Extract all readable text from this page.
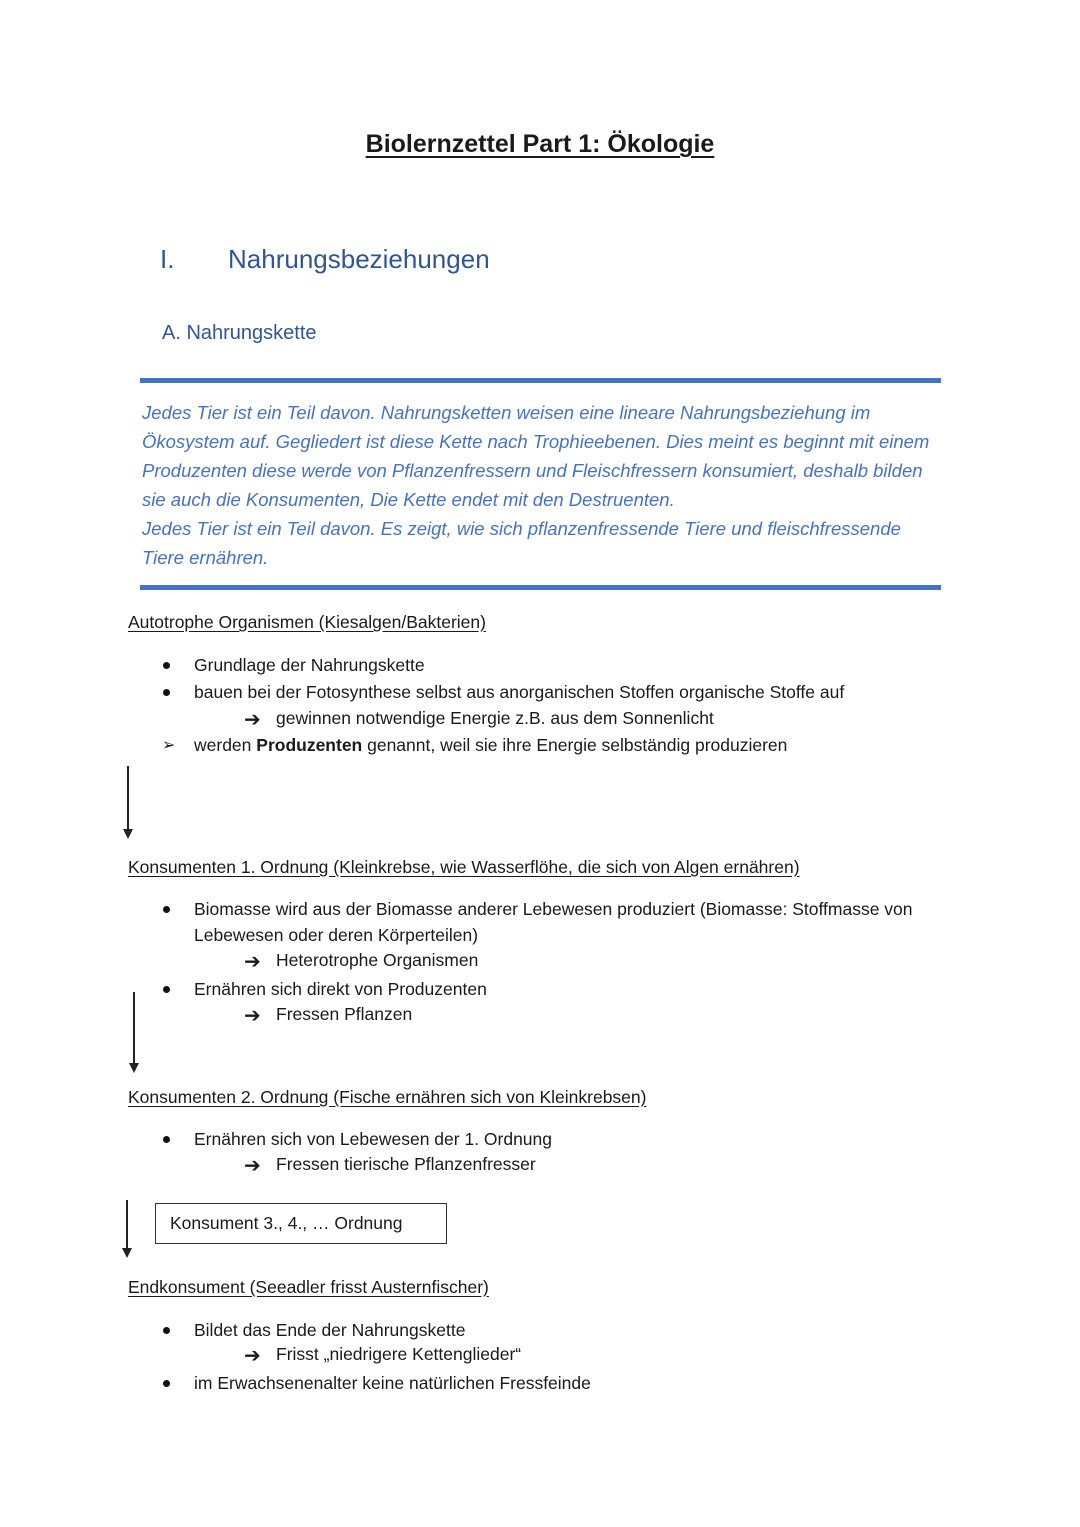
Biolernzettel Part 1: Ökologie
I. Nahrungsbeziehungen
A. Nahrungskette

Jedes Tier ist ein Teil davon. Nahrungsketten weisen eine lineare Nahrungsbeziehung im Ökosystem auf. Gegliedert ist diese Kette nach Trophieebenen. Dies meint es beginnt mit einem Produzenten diese werde von Pflanzenfressern und Fleischfressern konsumiert, deshalb bilden sie auch die Konsumenten, Die Kette endet mit den Destruenten.

Jedes Tier ist ein Teil davon. Es zeigt, wie sich pflanzenfressende Tiere und fleischfressende Tiere ernähren.

Autotrophe Organismen (Kiesalgen/Bakterien)
Grundlage der Nahrungskette
bauen bei der Fotosynthese selbst aus anorganischen Stoffen organische Stoffe auf
➔ gewinnen notwendige Energie z.B. aus dem Sonnenlicht
➢ werden Produzenten genannt, weil sie ihre Energie selbständig produzieren
Konsumenten 1. Ordnung (Kleinkrebse, wie Wasserflöhe, die sich von Algen ernähren)
Biomasse wird aus der Biomasse anderer Lebewesen produziert (Biomasse: Stoffmasse von Lebewesen oder deren Körperteilen)
➔ Heterotrophe Organismen
Ernähren sich direkt von Produzenten
➔ Fressen Pflanzen
Konsumenten 2. Ordnung (Fische ernähren sich von Kleinkrebsen)
Ernähren sich von Lebewesen der 1. Ordnung
➔ Fressen tierische Pflanzenfresser
Konsument 3., 4., … Ordnung
Endkonsument (Seeadler frisst Austernfischer)
Bildet das Ende der Nahrungskette
➔ Frisst „niedrigere Kettenglieder“
im Erwachsenenalter keine natürlichen Fressfeinde
